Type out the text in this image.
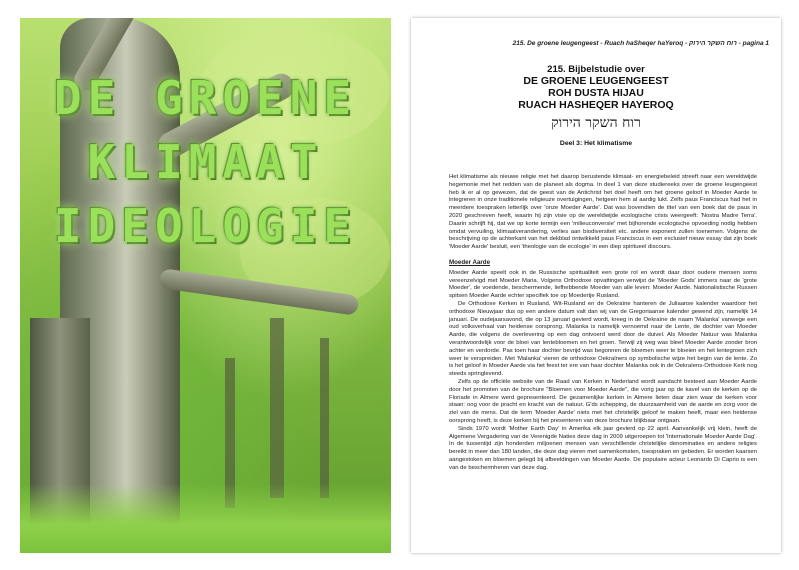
DE GROENE
KLIMAAT
IDEOLOGIE
215. De groene leugengeest - Ruach haSheqer haYeroq - רוח השקר הירוק - pagina 1
215. Bijbelstudie over
DE GROENE LEUGENGEEST
ROH DUSTA HIJAU
RUACH HASHEQER HAYEROQ
רוח השקר הירוק
Deel 3: Het klimatisme

Het klimatisme als nieuwe religie met het daarop berustende klimaat- en energiebeleid streeft naar een wereldwijde hegemonie met het redden van de planeet als dogma. In deel 1 van deze studiereeks over de groene leugengeest heb ik er al op gewezen, dat de geest van de Antichrist het doel heeft om het groene geloof in Moeder Aarde te integreren in onze traditionele religieuze overtuigingen, hetgeen hem al aardig lukt. Zelfs paus Franciscus had het in meerdere toespraken letterlijk over 'onze Moeder Aarde'. Dat was bovendien de titel van een boek dat de paus in 2020 geschreven heeft, waarin hij zijn visie op de wereldwijde ecologische crisis weergeeft: 'Nostra Madre Terra'. Daarin schrijft hij, dat we op korte termijn een 'milieuconversie' met bijhorende ecologische opvoeding nodig hebben omdat vervuiling, klimaatverandering, verlies aan biodiversiteit etc. andere exponent zullen toenemen. Volgens de beschrijving op de achterkant van het dekblad ontwikkeld paus Franciscus in een exclusief nieuw essay dat zijn boek 'Moeder Aarde' besluit, een 'theologie van de ecologie' in een diep spiritueel discours.

Moeder Aarde

Moeder Aarde speelt ook in de Russische spiritualiteit een grote rol en wordt daar door oudere mensen soms vereenzelvigd met Moeder Maria. Volgens Orthodoxe opvattingen verwijst de 'Moeder Gods' immers naar de 'grote Moeder', de voedende, beschermende, liefhebbende Moeder van alle leven: Moeder Aarde. Nationalistische Russen spitsen Moeder Aarde echter specifiek toe op Moedertje Rusland.

De Orthodoxe Kerken in Rusland, Wit-Rusland en de Oekraïne hanteren de Juliaanse kalender waardoor het orthodoxe Nieuwjaar dus op een andere datum valt dan wij van de Gregoriaanse kalender gewend zijn, namelijk 14 januari. De oudejaarsavond, die op 13 januari gevierd wordt, kreeg in de Oekraïne de naam 'Malanka' vanwege een oud volksverhaal van heidense oorsprong. Malanka is namelijk vernoemd naar de Lente, de dochter van Moeder Aarde, die volgens de overlevering op een dag ontvoerd werd door de duivel. Als Moeder Natuur was Malanka verantwoordelijk voor de bloei van lentebloemen en het groen. Terwijl zij weg was bleef Moeder Aarde zonder bron achter en verdorde. Pas toen haar dochter bevrijd was begonnen de bloemen weer te bloeien en het lentegroen zich weer te verspreiden. Met 'Malanka' vieren de orthodoxe Oekraïners op symbolische wijze het begin van de lente. Zo is het geloof in Moeder Aarde via het feest ter ere van haar dochter Malanka ook in de Oekraïens-Orthodoxe Kerk nog steeds springlevend.

Zelfs op de officiële website van de Raad van Kerken in Nederland wordt aandacht besteed aan Moeder Aarde door het promoten van de brochure "Bloemen voor Moeder Aarde", die vorig jaar op de kavel van de kerken op de Floriade in Almere werd gepresenteerd. De gezamenlijke kerken in Almere lieten daar zien waar de kerken voor staan: oog voor de pracht en kracht van de natuur, G'ds schepping, de duurzaamheid van de aarde en zorg voor de ziel van de mens. Dat de term 'Moeder Aarde' niets met het christelijk geloof te maken heeft, maar een heidense oorsprong heeft, is deze kerken bij het presenteren van deze brochure blijkbaar ontgaan.

Sinds 1970 wordt 'Mother Earth Day' in Amerika elk jaar gevierd op 22 april. Aanvankelijk vrij klein, heeft de Algemene Vergadering van de Verenigde Naties deze dag in 2009 uitgeroepen tot 'Internationale Moeder Aarde Dag'. In de tussentijd zijn honderden miljoenen mensen van verschillende christelijke denominaties en andere religies bereikt in meer dan 180 landen, die deze dag vieren met samenkomsten, toespraken en gebeden. Er worden kaarsen aangestoken en bloemen gelegd bij afbeeldingen van Moeder Aarde. De populaire acteur Leonardo Di Caprio is een van de beschermheren van deze dag.
